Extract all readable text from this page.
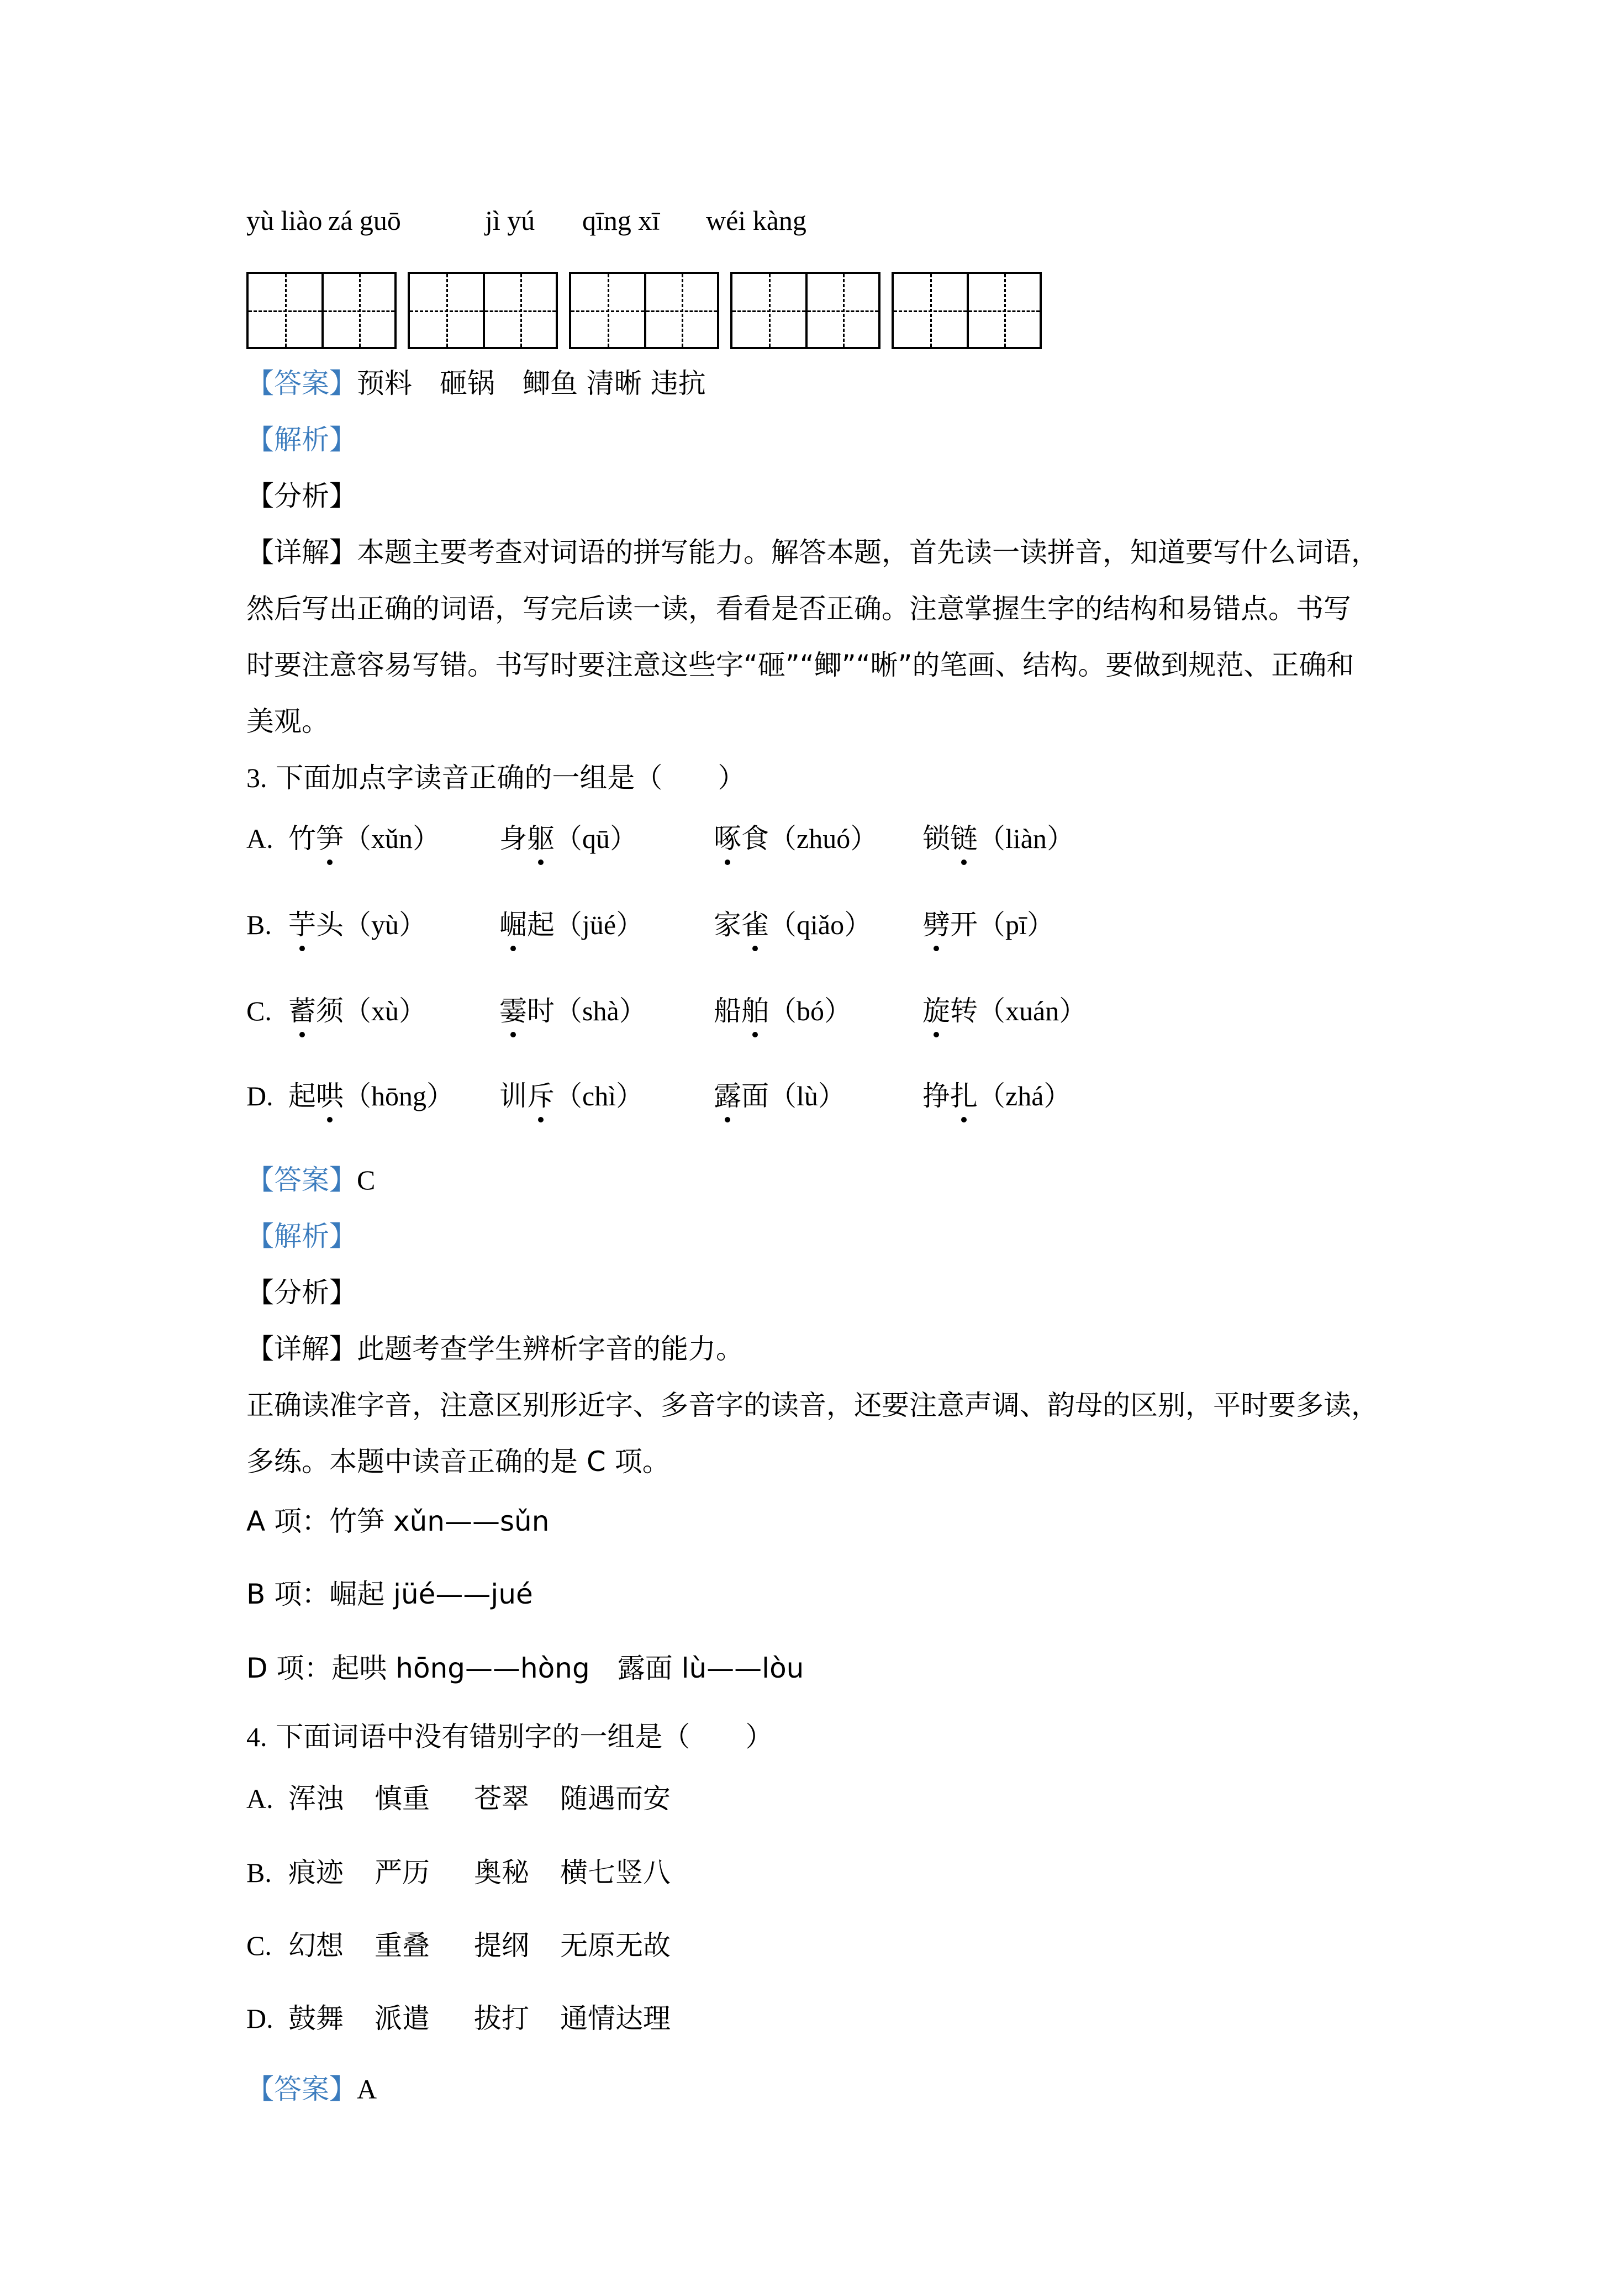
yù liào zá guō	jì yú qīng xī wéi kàng
【答案】预料　砸锅　鲫鱼 清晰 违抗
【解析】
【分析】
【详解】本题主要考查对词语的拼写能力。解答本题，首先读一读拼音，知道要写什么词语，
然后写出正确的词语，写完后读一读，看看是否正确。注意掌握生字的结构和易错点。书写
时要注意容易写错。书写时要注意这些字“砸”“鲫”“晰”的笔画、结构。要做到规范、正确和
美观。
3. 下面加点字读音正确的一组是（　　）
A. 竹笋（xǔn） 身躯（qū）	啄食（zhuó） 锁链（liàn）
B. 芋头（yù）	崛起（jüé）	家雀（qiǎo） 劈开（pī）
C. 蓄须（xù）	霎时（shà） 船舶（bó）	旋转（xuán）
D. 起哄（hōng） 训斥（chì）	露面（lù）	挣扎（zhá）
【答案】C
【解析】
【分析】
【详解】此题考查学生辨析字音的能力。
正确读准字音，注意区别形近字、多音字的读音，还要注意声调、韵母的区别，平时要多读，
多练。本题中读音正确的是 C 项。
A 项：竹笋 xǔn——sǔn
B 项：崛起 jüé——jué
D 项：起哄 hōng——hòng　露面 lù——lòu
4. 下面词语中没有错别字的一组是（　　）
A. 浑浊 慎重 苍翠 随遇而安
B. 痕迹 严历 奥秘 横七竖八
C. 幻想 重叠 提纲 无原无故
D. 鼓舞 派遣 拔打 通情达理
【答案】A
